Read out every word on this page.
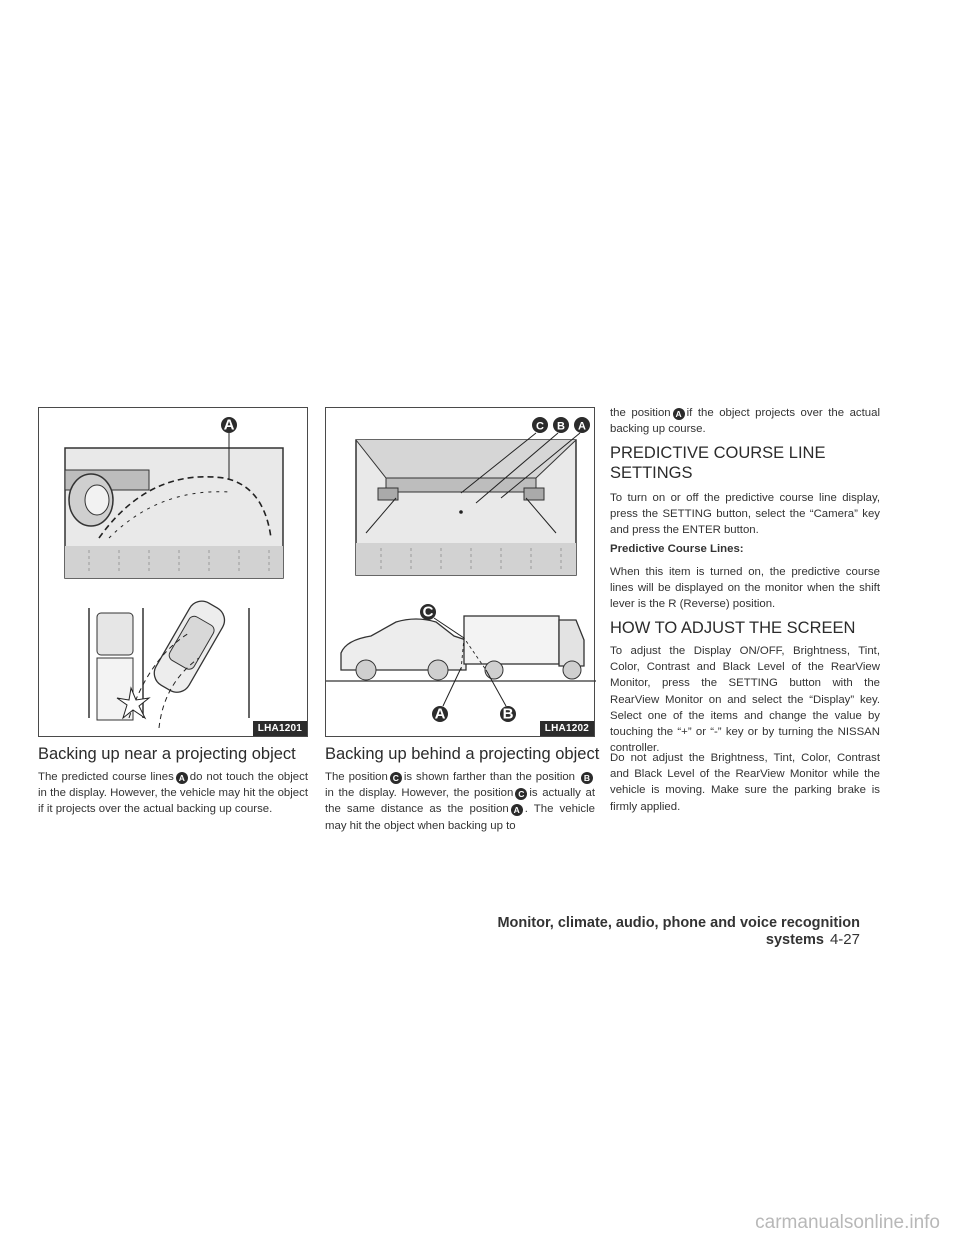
A
LHA1201
C B A
C
A	B
LHA1202
Backing up near a projecting object

The predicted course lines A do not touch the object in the display. However, the vehicle may hit the object if it projects over the actual backing up course.

Backing up behind a projecting object

The position C is shown farther than the position Bin the display. However, the position C is actually at the same distance as the position A . The vehicle may hit the object when backing up to

the position A if the object projects over the actual backing up course.

PREDICTIVE COURSE LINE SETTINGS

To turn on or off the predictive course line display, press the SETTING button, select the “Camera” key and press the ENTER button.

Predictive Course Lines:

When this item is turned on, the predictive course lines will be displayed on the monitor when the shift lever is the R (Reverse) position.

HOW TO ADJUST THE SCREEN

To adjust the Display ON/OFF, Brightness, Tint, Color, Contrast and Black Level of the RearView Monitor, press the SETTING button with the RearView Monitor on and select the “Display” key. Select one of the items and change the value by touching the “+” or “-” key or by turning the NISSAN controller.

Do not adjust the Brightness, Tint, Color, Contrast and Black Level of the RearView Monitor while the vehicle is moving. Make sure the parking brake is firmly applied.

Monitor, climate, audio, phone and voice recognition systems 4-27
carmanualsonline.info
